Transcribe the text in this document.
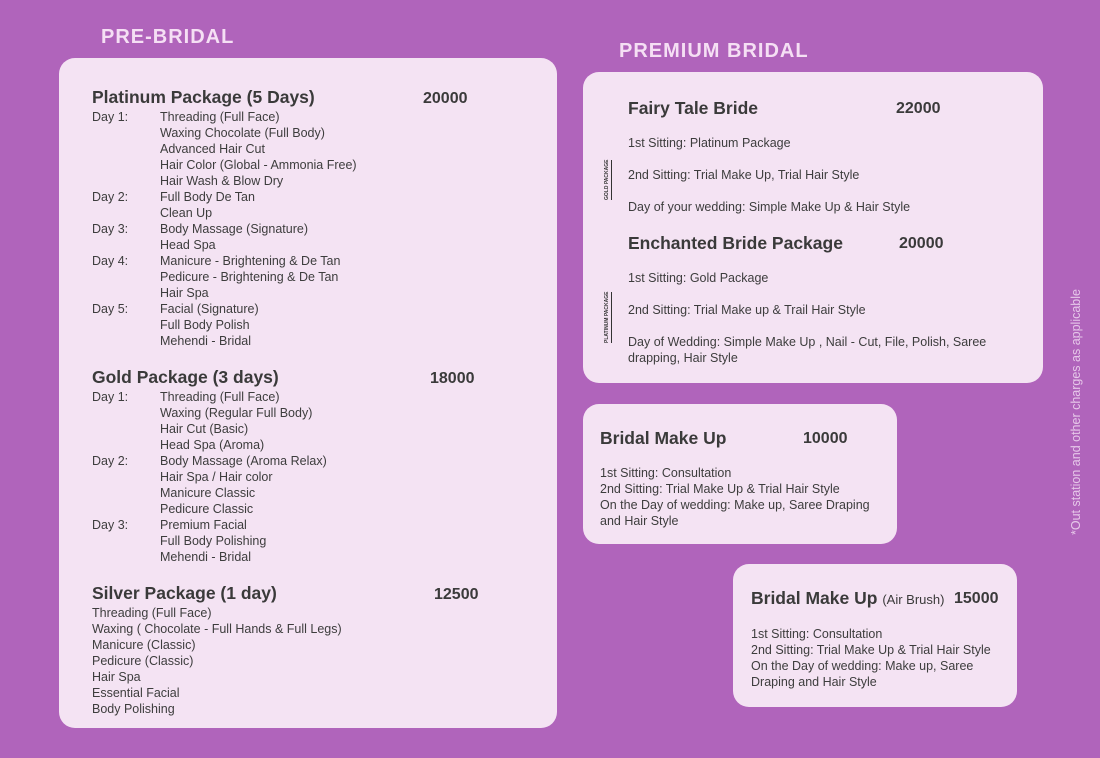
PRE-BRIDAL
Platinum Package (5 Days)	20000
Day 1:	Threading (Full Face)
Waxing Chocolate (Full Body)
Advanced Hair Cut
Hair Color (Global - Ammonia Free)
Hair Wash & Blow Dry
Day 2:	Full Body De Tan
Clean Up
Day 3:	Body Massage (Signature)
Head Spa
Day 4:	Manicure - Brightening & De Tan
Pedicure - Brightening & De Tan
Hair Spa
Day 5:	Facial (Signature)
Full Body Polish
Mehendi - Bridal
Gold Package (3 days)	18000
Day 1:	Threading (Full Face)
Waxing (Regular Full Body)
Hair Cut (Basic)
Head Spa (Aroma)
Day 2:	Body Massage (Aroma Relax)
Hair Spa / Hair color
Manicure Classic
Pedicure Classic
Day 3:	Premium Facial
Full Body Polishing
Mehendi - Bridal
Silver Package (1 day)	12500
Threading (Full Face)
Waxing ( Chocolate - Full Hands & Full Legs)
Manicure (Classic)
Pedicure (Classic)
Hair Spa
Essential Facial
Body Polishing
PREMIUM BRIDAL
Fairy Tale Bride	22000
GOLD PACKAGE
1st Sitting: Platinum Package
2nd Sitting: Trial Make Up, Trial Hair Style
Day of your wedding: Simple Make Up & Hair Style
Enchanted Bride Package	20000
PLATINUM PACKAGE
1st Sitting: Gold Package
2nd Sitting: Trial Make up & Trail Hair Style
Day of Wedding: Simple Make Up , Nail - Cut, File, Polish, Saree
drapping, Hair Style
Bridal Make Up	10000
1st Sitting: Consultation
2nd Sitting: Trial Make Up & Trial Hair Style
On the Day of wedding: Make up, Saree Draping
and Hair Style
Bridal Make Up (Air Brush) 15000
1st Sitting: Consultation
2nd Sitting: Trial Make Up & Trial Hair Style
On the Day of wedding: Make up, Saree
Draping and Hair Style
*Out station and other charges as applicable
